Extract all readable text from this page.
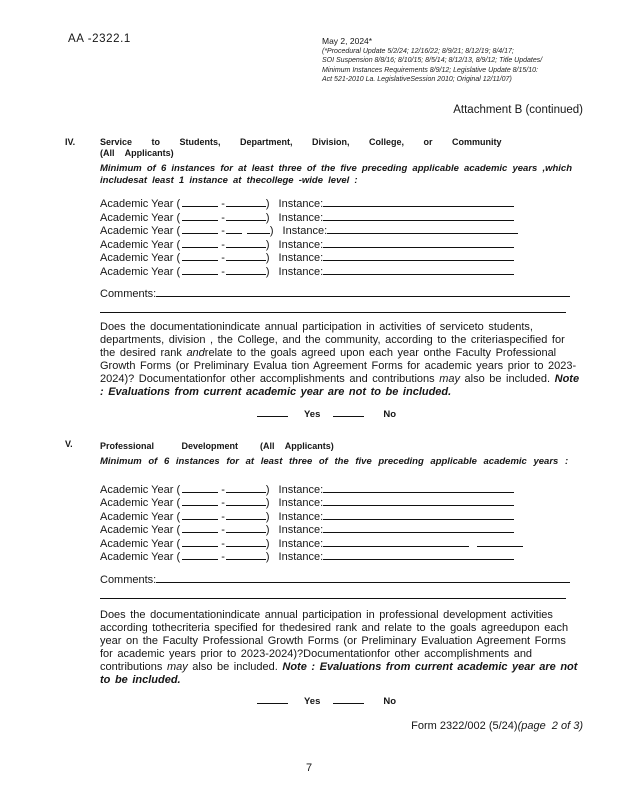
AA -2322.1	May 2, 2024*
(*Procedural Update 5/2/24; 12/16/22; 8/9/21; 8/12/19; 8/4/17;
SOI Suspension 8/8/16; 8/10/15; 8/5/14; 8/12/13, 8/9/12; Title Updates/
Minimum Instances Requirements 8/9/12; Legislative Update 8/15/10:
Act 521-2010 La. LegislativeSession 2010; Original 12/11/07)
Attachment B (continued)
IV.	Service to Students, Department, Division, College, or Community
(All Applicants)
Minimum of 6 instances for at least three of the five preceding applicable academic years ,which includesat least 1 instance at thecollege -wide level :
Academic Year (	-	) Instance:
Academic Year (	-	) Instance:
Academic Year (	-	) Instance:
Academic Year (	-	) Instance:
Academic Year (	-	) Instance:
Academic Year (	-	) Instance:
Comments:
Does the documentationindicate annual participation in activities of serviceto students, departments, division , the College, and the community, according to the criteriaspecified for the desired rank andrelate to the goals agreed upon each year onthe Faculty Professional Growth Forms (or Preliminary Evalua tion Agreement Forms for academic years prior to 2023-2024)? Documentationfor other accomplishments and contributions may also be included. Note : Evaluations from current academic year are not to be included.
Yes	No
V.	Professional Development (All Applicants)
Minimum of 6 instances for at least three of the five preceding applicable academic years :
Academic Year (	-	) Instance:
Academic Year (	-	) Instance:
Academic Year (	-	) Instance:
Academic Year (	-	) Instance:
Academic Year (	-	) Instance:
Academic Year (	-	) Instance:
Comments:
Does the documentationindicate annual participation in professional development activities according tothecriteria specified for thedesired rank and relate to the goals agreedupon each year on the Faculty Professional Growth Forms (or Preliminary Evaluation Agreement Forms for academic years prior to 2023-2024)?Documentationfor other accomplishments and contributions may also be included. Note : Evaluations from current academic year are not to be included.
Yes	No
Form 2322/002 (5/24)(page  2 of 3)
7
